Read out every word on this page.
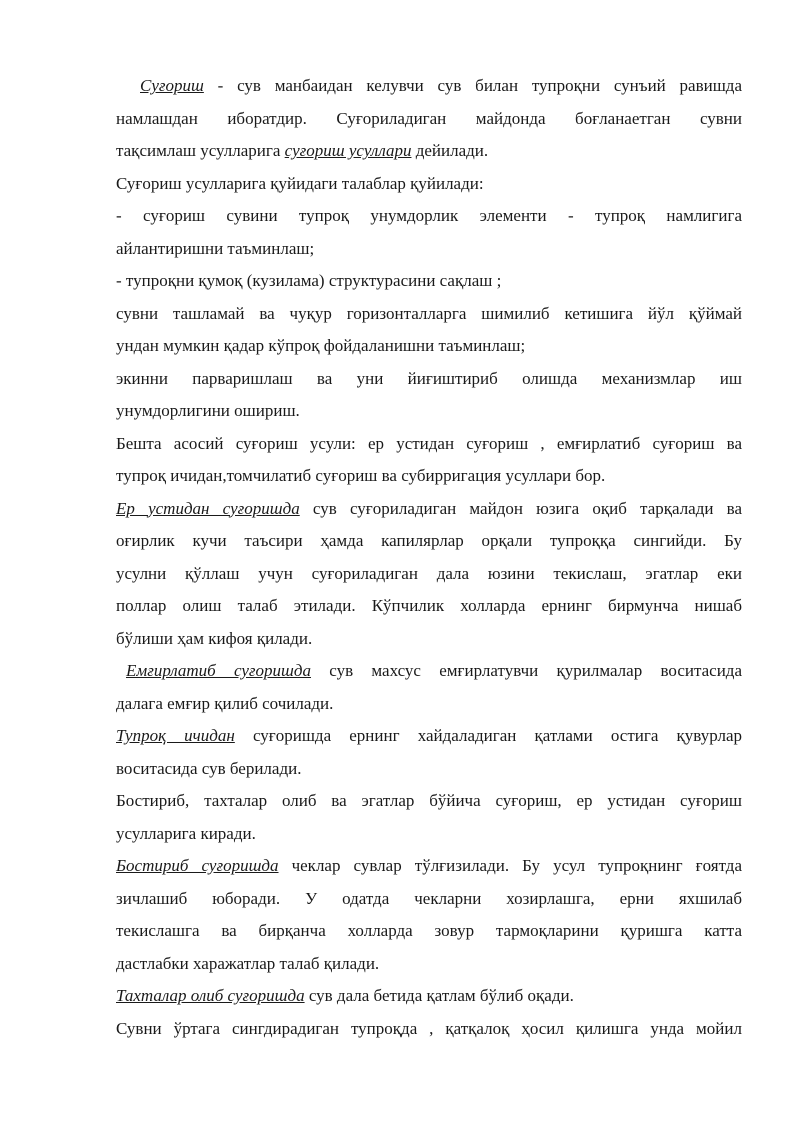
Суғориш - сув манбаидан келувчи сув билан тупроқни сунъий равишда
намлашдан иборатдир. Суғориладиган майдонда боғланаетган сувни
тақсимлаш усулларига суғориш усуллари дейилади.
Суғориш усулларига қуйидаги талаблар қуйилади:
- суғориш сувини тупроқ унумдорлик элементи - тупроқ намлигига
айлантиришни таъминлаш;
- тупроқни қумоқ (кузилама) структурасини сақлаш ;
сувни ташламай ва чуқур горизонталларга шимилиб кетишига йўл қўймай
ундан мумкин қадар кўпроқ фойдаланишни таъминлаш;
экинни парваришлаш ва уни йиғиштириб олишда механизмлар иш
унумдорлигини ошириш.
Бешта асосий суғориш усули: ер устидан суғориш , емғирлатиб суғориш ва
тупроқ ичидан,томчилатиб суғориш ва субирригация усуллари бор.
Ер устидан суғоришда сув суғориладиган майдон юзига оқиб тарқалади ва
оғирлик кучи таъсири ҳамда капилярлар орқали тупроққа сингийди. Бу
усулни қўллаш учун суғориладиган дала юзини текислаш, эгатлар еки
поллар олиш талаб этилади. Кўпчилик холларда ернинг бирмунча нишаб
бўлиши ҳам кифоя қилади.
Емғирлатиб суғоришда сув махсус емғирлатувчи қурилмалар воситасида
далага емғир қилиб сочилади.
Тупроқ ичидан суғоришда ернинг хайдаладиган қатлами остига қувурлар
воситасида сув берилади.
Бостириб, тахталар олиб ва эгатлар бўйича суғориш, ер устидан суғориш
усулларига киради.
Бостириб суғоришда чеклар сувлар тўлғизилади. Бу усул тупроқнинг ғоятда
зичлашиб юборади. У одатда чекларни хозирлашга, ерни яхшилаб
текислашга ва бирқанча холларда зовур тармоқларини қуришга катта
дастлабки харажатлар талаб қилади.
Тахталар олиб суғоришда сув дала бетида қатлам бўлиб оқади.
Сувни ўртага сингдирадиган тупроқда , қатқалоқ ҳосил қилишга унда мойил
